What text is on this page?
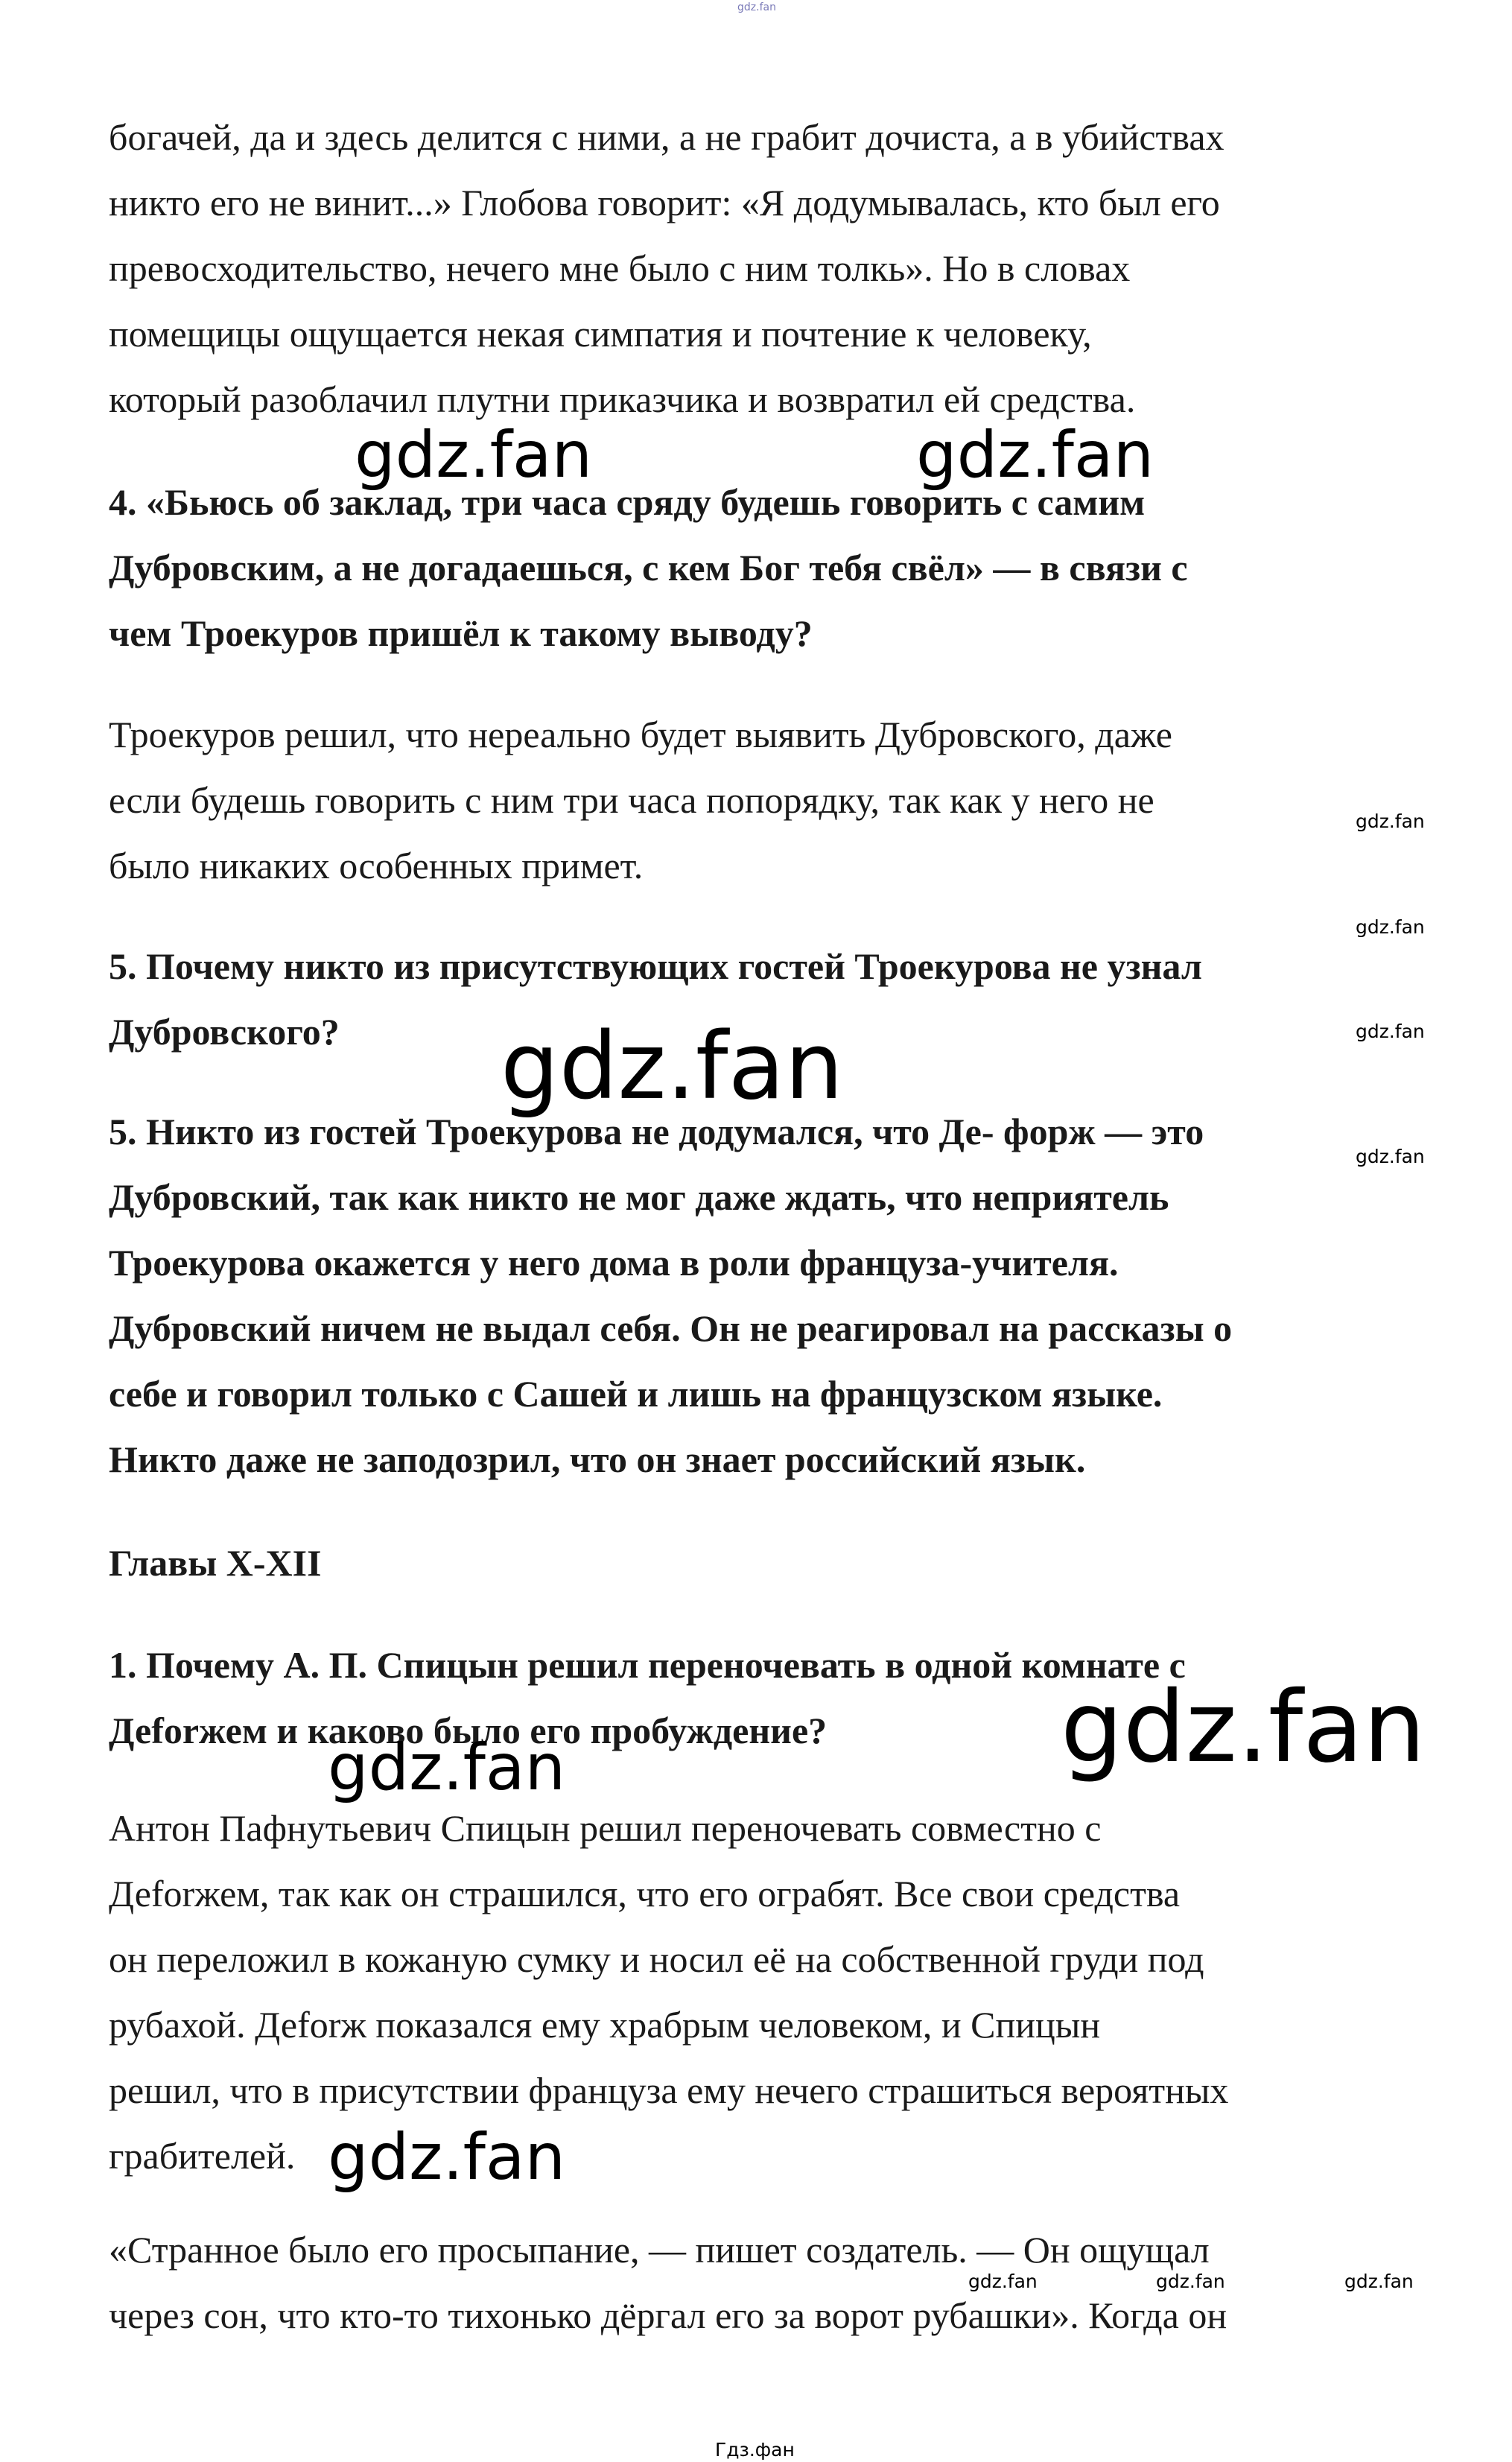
gdz.fan
богачей, да и здесь делится с ними, а не грабит дочиста, а в убийствах
никто его не винит...» Глобова говорит: «Я додумывалась, кто был его
превосходительство, нечего мне было с ним толкь». Но в словах
помещицы ощущается некая симпатия и почтение к человеку,
который разоблачил плутни приказчика и возвратил ей средства.
4. «Бьюсь об заклад, три часа сряду будешь говорить с самим
Дубровским, а не догадаешься, с кем Бог тебя свёл» — в связи с
чем Троекуров пришёл к такому выводу?
Троекуров решил, что нереально будет выявить Дубровского, даже
если будешь говорить с ним три часа попорядку, так как у него не
было никаких особенных примет.
5. Почему никто из присутствующих гостей Троекурова не узнал
Дубровского?
5. Никто из гостей Троекурова не додумался, что Де- форж — это
Дубровский, так как никто не мог даже ждать, что неприятель
Троекурова окажется у него дома в роли француза-учителя.
Дубровский ничем не выдал себя. Он не реагировал на рассказы о
себе и говорил только с Сашей и лишь на французском языке.
Никто даже не заподозрил, что он знает российский язык.
Главы X-XII
1. Почему А. П. Спицын решил переночевать в одной комнате с
Деforжем и каково было его пробуждение?
Антон Пафнутьевич Спицын решил переночевать совместно с
Деforжем, так как он страшился, что его ограбят. Все свои средства
он переложил в кожаную сумку и носил её на собственной груди под
рубахой. Деforж показался ему храбрым человеком, и Спицын
решил, что в присутствии француза ему нечего страшиться вероятных
грабителей.
«Странное было его просыпание, — пишет создатель. — Он ощущал
через сон, что кто-то тихонько дёргал его за ворот рубашки». Когда он
gdz.fan	gdz.fan
gdz.fan
gdz.fan
gdz.fan
gdz.fan
gdz.fan
gdz.fan
gdz.fan
gdz.fan
gdz.fan	gdz.fan	gdz.fan
Гдз.фан
